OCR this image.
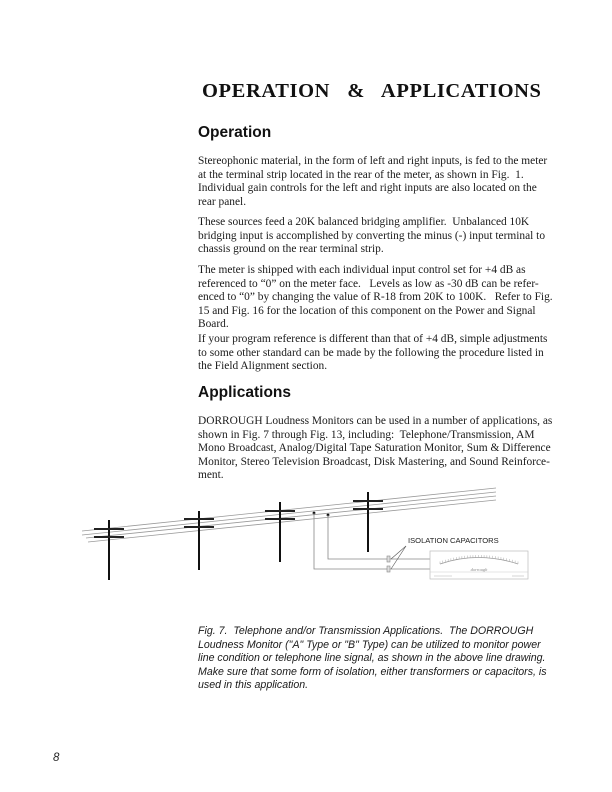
OPERATION   &   APPLICATIONS
Operation
Stereophonic material, in the form of left and right inputs, is fed to the meter
at the terminal strip located in the rear of the meter, as shown in Fig.  1.
Individual gain controls for the left and right inputs are also located on the
rear panel.
These sources feed a 20K balanced bridging amplifier.  Unbalanced 10K
bridging input is accomplished by converting the minus (-) input terminal to
chassis ground on the rear terminal strip.
The meter is shipped with each individual input control set for +4 dB as
referenced to “0” on the meter face.   Levels as low as -30 dB can be refer-
enced to “0” by changing the value of R-18 from 20K to 100K.   Refer to Fig.
15 and Fig. 16 for the location of this component on the Power and Signal
Board.
If your program reference is different than that of +4 dB, simple adjustments
to some other standard can be made by the following the procedure listed in
the Field Alignment section.
Applications
DORROUGH Loudness Monitors can be used in a number of applications, as
shown in Fig. 7 through Fig. 13, including:  Telephone/Transmission, AM
Mono Broadcast, Analog/Digital Tape Saturation Monitor, Sum & Difference
Monitor, Stereo Television Broadcast, Disk Mastering, and Sound Reinforce-
ment.
ISOLATION CAPACITORS
dorrough
Fig. 7.  Telephone and/or Transmission Applications.  The DORROUGH
Loudness Monitor ("A" Type or "B" Type) can be utilized to monitor power
line condition or telephone line signal, as shown in the above line drawing.
Make sure that some form of isolation, either transformers or capacitors, is
used in this application.
8
